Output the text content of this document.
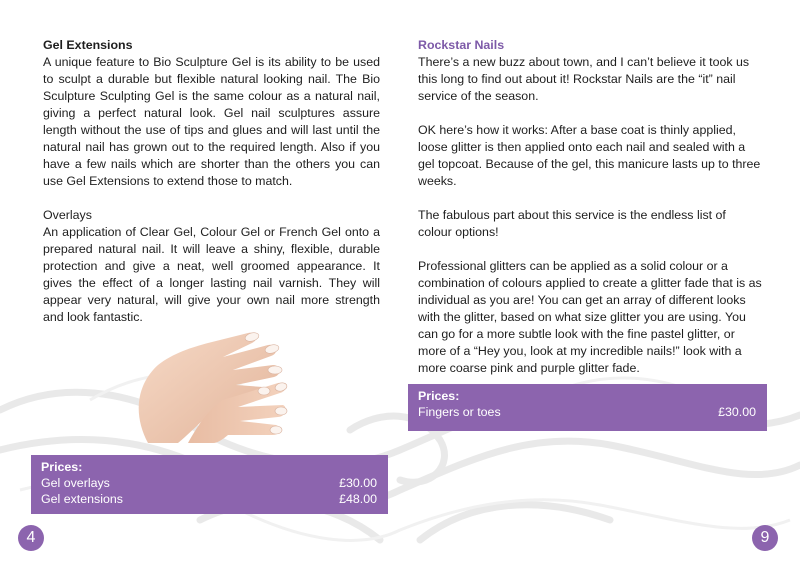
Gel Extensions

A unique feature to Bio Sculpture Gel is its ability to be used to sculpt a durable but flexible natural looking nail. The Bio Sculpture Sculpting Gel is the same colour as a natural nail, giving a perfect natural look. Gel nail sculptures assure length without the use of tips and glues and will last until the natural nail has grown out to the required length. Also if you have a few nails which are shorter than the others you can use Gel Extensions to extend those to match.

Overlays

An application of Clear Gel, Colour Gel or French Gel onto a prepared natural nail. It will leave a shiny, flexible, durable protection and give a neat, well groomed appearance. It gives the effect of a longer lasting nail varnish. They will appear very natural, will give your own nail more strength and look fantastic.

Prices:
Gel overlays	£30.00
Gel extensions	£48.00
4
Rockstar Nails

There’s a new buzz about town, and I can’t believe it took us this long to find out about it! Rockstar Nails are the “it” nail service of the season.

OK here’s how it works: After a base coat is thinly applied, loose glitter is then applied onto each nail and sealed with a gel topcoat. Because of the gel, this manicure lasts up to three weeks.

The fabulous part about this service is the endless list of colour options!

Professional glitters can be applied as a solid colour or a combination of colours applied to create a glitter fade that is as individual as you are! You can get an array of different looks with the glitter, based on what size glitter you are using. You can go for a more subtle look with the fine pastel glitter, or more of a “Hey you, look at my incredible nails!” look with a more coarse pink and purple glitter fade.

Prices:
Fingers or toes	£30.00
9
